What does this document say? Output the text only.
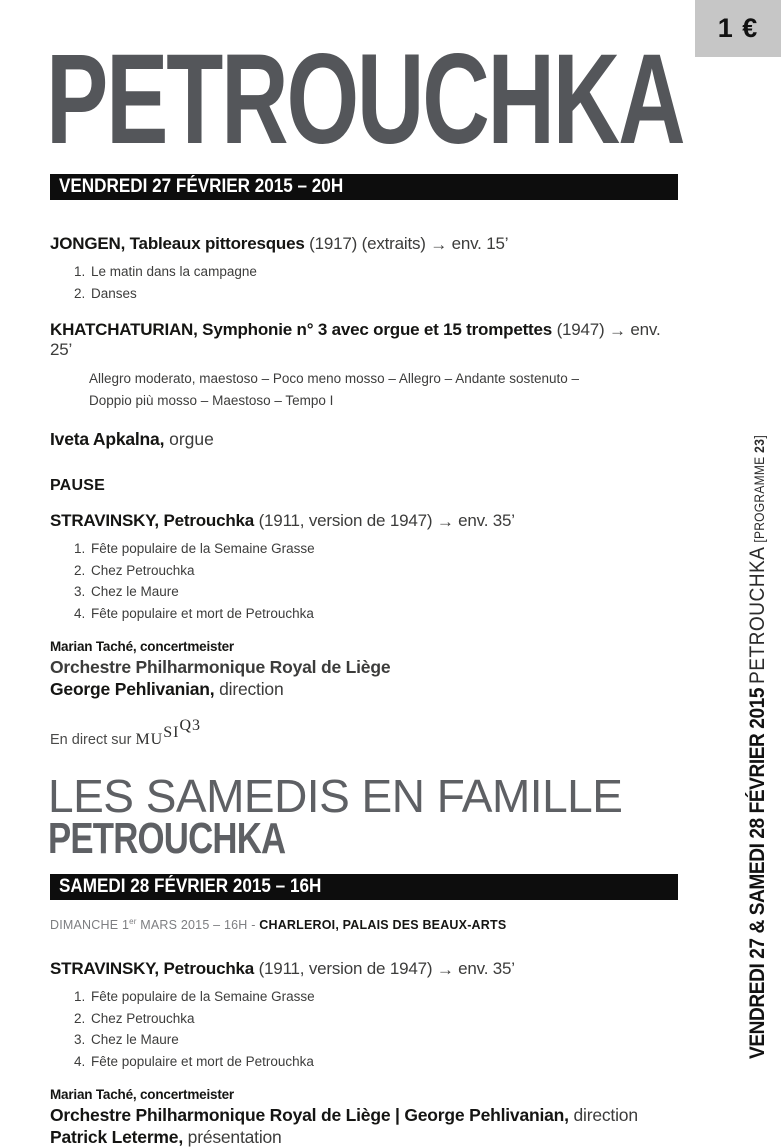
1 €
PETROUCHKA
VENDREDI 27 FÉVRIER 2015 – 20H

JONGEN, Tableaux pittoresques (1917) (extraits) → env. 15’

1. Le matin dans la campagne
2. Danses

KHATCHATURIAN, Symphonie n° 3 avec orgue et 15 trompettes (1947) → env. 25’

Allegro moderato, maestoso – Poco meno mosso – Allegro – Andante sostenuto –

Doppio più mosso – Maestoso – Tempo I

Iveta Apkalna, orgue

PAUSE

STRAVINSKY, Petrouchka (1911, version de 1947) → env. 35’

1. Fête populaire de la Semaine Grasse
2. Chez Petrouchka
3. Chez le Maure
4. Fête populaire et mort de Petrouchka

Marian Taché, concertmeister

Orchestre Philharmonique Royal de Liège

George Pehlivanian, direction

En direct sur MUSIQ3

LES SAMEDIS EN FAMILLE
PETROUCHKA
SAMEDI 28 FÉVRIER 2015 – 16H

DIMANCHE 1er MARS 2015 – 16H - CHARLEROI, PALAIS DES BEAUX-ARTS

STRAVINSKY, Petrouchka (1911, version de 1947) → env. 35’

1. Fête populaire de la Semaine Grasse
2. Chez Petrouchka
3. Chez le Maure
4. Fête populaire et mort de Petrouchka

Marian Taché, concertmeister

Orchestre Philharmonique Royal de Liège | George Pehlivanian, direction

Patrick Leterme, présentation

VENDREDI 27 & SAMEDI 28 FÉVRIER 2015 PETROUCHKA [PROGRAMME 23]
